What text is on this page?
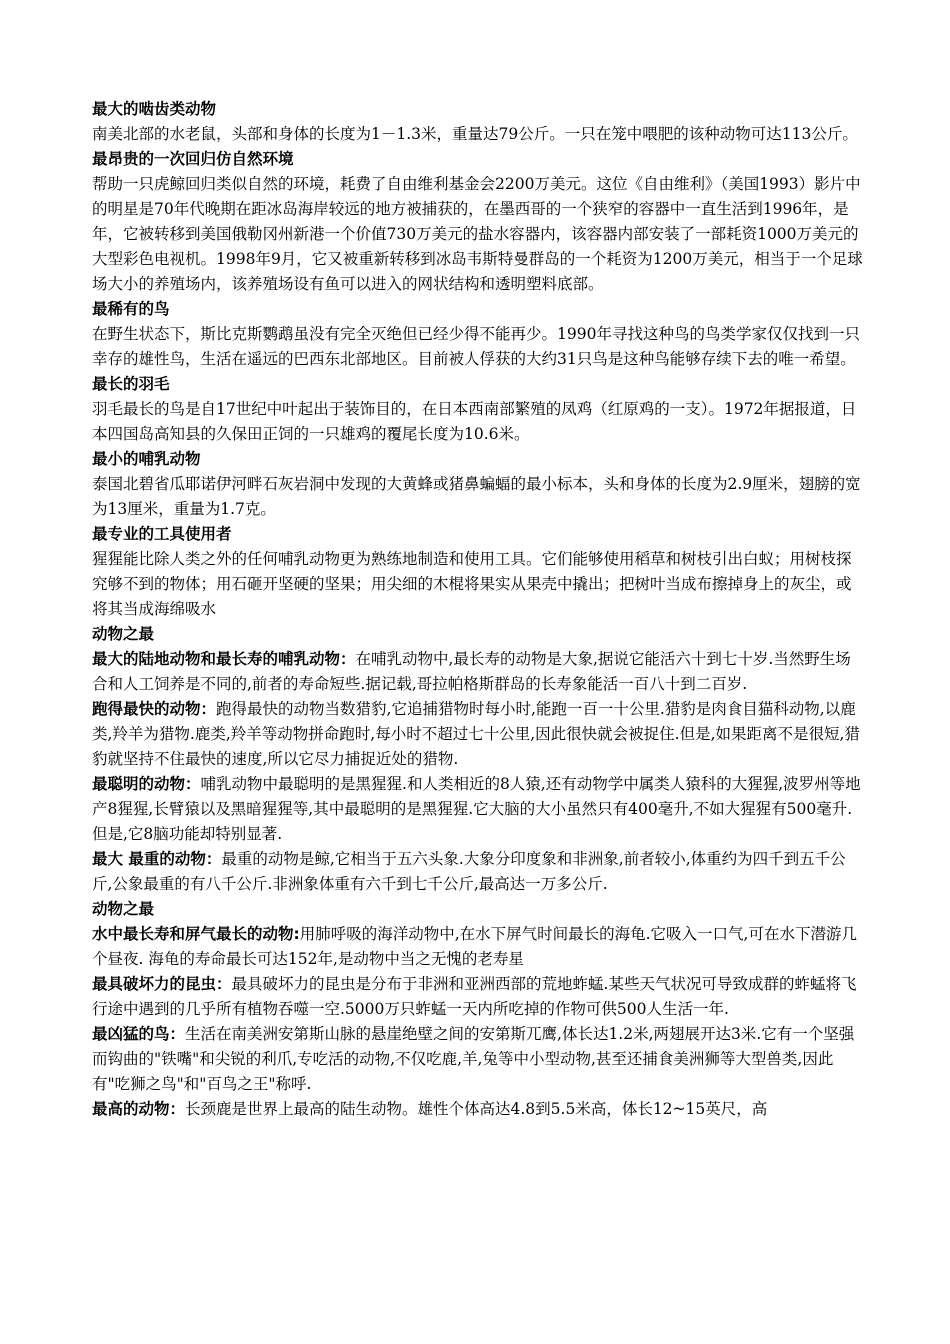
最大的啮齿类动物

南美北部的水老鼠，头部和身体的长度为1－1.3米，重量达79公斤。一只在笼中喂肥的该种动物可达113公斤。

最昂贵的一次回归仿自然环境

帮助一只虎鲸回归类似自然的环境，耗费了自由维利基金会2200万美元。这位《自由维利》（美国1993）影片中的明星是70年代晚期在距冰岛海岸较远的地方被捕获的，在墨西哥的一个狭窄的容器中一直生活到1996年，是年，它被转移到美国俄勒冈州新港一个价值730万美元的盐水容器内，该容器内部安装了一部耗资1000万美元的大型彩色电视机。1998年9月，它又被重新转移到冰岛韦斯特曼群岛的一个耗资为1200万美元，相当于一个足球场大小的养殖场内，该养殖场设有鱼可以进入的网状结构和透明塑料底部。

最稀有的鸟

在野生状态下，斯比克斯鹦鹉虽没有完全灭绝但已经少得不能再少。1990年寻找这种鸟的鸟类学家仅仅找到一只幸存的雄性鸟，生活在遥远的巴西东北部地区。目前被人俘获的大约31只鸟是这种鸟能够存续下去的唯一希望。

最长的羽毛

羽毛最长的鸟是自17世纪中叶起出于装饰目的，在日本西南部繁殖的凤鸡（红原鸡的一支）。1972年据报道，日本四国岛高知县的久保田正饲的一只雄鸡的覆尾长度为10.6米。

最小的哺乳动物

泰国北碧省瓜耶诺伊河畔石灰岩洞中发现的大黄蜂或猪鼻蝙蝠的最小标本，头和身体的长度为2.9厘米，翅膀的宽为13厘米，重量为1.7克。

最专业的工具使用者

猩猩能比除人类之外的任何哺乳动物更为熟练地制造和使用工具。它们能够使用稻草和树枝引出白蚁；用树枝探究够不到的物体；用石砸开坚硬的坚果；用尖细的木棍将果实从果壳中撬出；把树叶当成布擦掉身上的灰尘，或将其当成海绵吸水

动物之最

最大的陆地动物和最长寿的哺乳动物：在哺乳动物中,最长寿的动物是大象,据说它能活六十到七十岁.当然野生场合和人工饲养是不同的,前者的寿命短些.据记载,哥拉帕格斯群岛的长寿象能活一百八十到二百岁.

跑得最快的动物：跑得最快的动物当数猎豹,它追捕猎物时每小时,能跑一百一十公里.猎豹是肉食目猫科动物,以鹿类,羚羊为猎物.鹿类,羚羊等动物拼命跑时,每小时不超过七十公里,因此很快就会被捉住.但是,如果距离不是很短,猎豹就坚持不住最快的速度,所以它尽力捕捉近处的猎物.

最聪明的动物：哺乳动物中最聪明的是黑猩猩.和人类相近的8人猿,还有动物学中属类人猿科的大猩猩,波罗州等地产8猩猩,长臂猿以及黑暗猩猩等,其中最聪明的是黑猩猩.它大脑的大小虽然只有400毫升,不如大猩猩有500毫升.但是,它8脑功能却特别显著.

最大 最重的动物：最重的动物是鲸,它相当于五六头象.大象分印度象和非洲象,前者较小,体重约为四千到五千公斤,公象最重的有八千公斤.非洲象体重有六千到七千公斤,最高达一万多公斤.

动物之最

水中最长寿和屏气最长的动物:用肺呼吸的海洋动物中,在水下屏气时间最长的海龟.它吸入一口气,可在水下潜游几个昼夜. 海龟的寿命最长可达152年,是动物中当之无愧的老寿星

最具破坏力的昆虫：最具破坏力的昆虫是分布于非洲和亚洲西部的荒地蚱蜢.某些天气状况可导致成群的蚱蜢将飞行途中遇到的几乎所有植物吞噬一空.5000万只蚱蜢一天内所吃掉的作物可供500人生活一年.

最凶猛的鸟：生活在南美洲安第斯山脉的悬崖绝壁之间的安第斯兀鹰,体长达1.2米,两翅展开达3米.它有一个坚强而钩曲的"铁嘴"和尖锐的利爪,专吃活的动物,不仅吃鹿,羊,兔等中小型动物,甚至还捕食美洲狮等大型兽类,因此有"吃狮之鸟"和"百鸟之王"称呼.

最高的动物：长颈鹿是世界上最高的陆生动物。雄性个体高达4.8到5.5米高，体长12~15英尺，高
